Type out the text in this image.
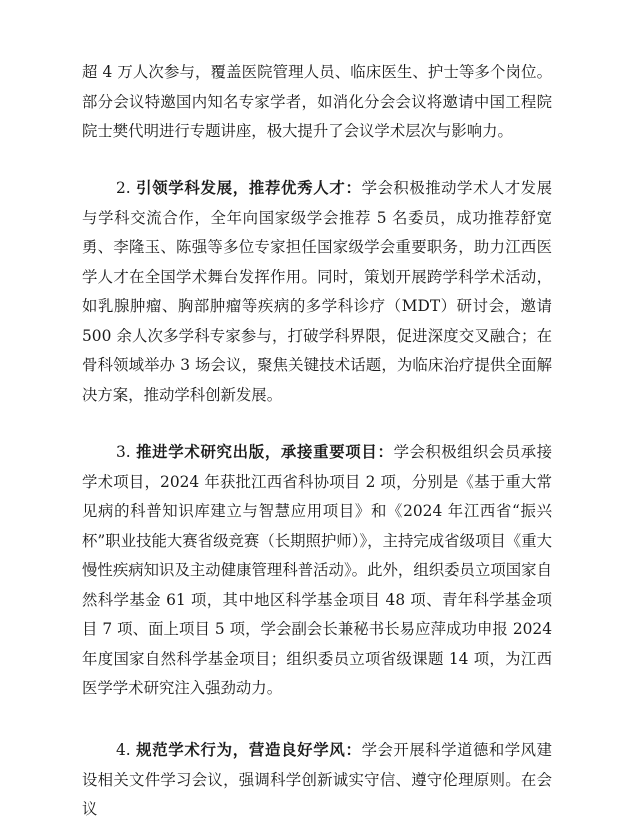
超 4 万人次参与，覆盖医院管理人员、临床医生、护士等多个岗位。部分会议特邀国内知名专家学者，如消化分会会议将邀请中国工程院院士樊代明进行专题讲座，极大提升了会议学术层次与影响力。

2. 引领学科发展，推荐优秀人才：学会积极推动学术人才发展与学科交流合作，全年向国家级学会推荐 5 名委员，成功推荐舒宽勇、李隆玉、陈强等多位专家担任国家级学会重要职务，助力江西医学人才在全国学术舞台发挥作用。同时，策划开展跨学科学术活动，如乳腺肿瘤、胸部肿瘤等疾病的多学科诊疗（MDT）研讨会，邀请 500 余人次多学科专家参与，打破学科界限，促进深度交叉融合；在骨科领域举办 3 场会议，聚焦关键技术话题，为临床治疗提供全面解决方案，推动学科创新发展。

3. 推进学术研究出版，承接重要项目：学会积极组织会员承接学术项目，2024 年获批江西省科协项目 2 项，分别是《基于重大常见病的科普知识库建立与智慧应用项目》和《2024 年江西省“振兴杯”职业技能大赛省级竞赛（长期照护师）》，主持完成省级项目《重大慢性疾病知识及主动健康管理科普活动》。此外，组织委员立项国家自然科学基金 61 项，其中地区科学基金项目 48 项、青年科学基金项目 7 项、面上项目 5 项，学会副会长兼秘书长易应萍成功申报 2024 年度国家自然科学基金项目；组织委员立项省级课题 14 项，为江西医学学术研究注入强劲动力。

4. 规范学术行为，营造良好学风：学会开展科学道德和学风建设相关文件学习会议，强调科学创新诚实守信、遵守伦理原则。在会议
